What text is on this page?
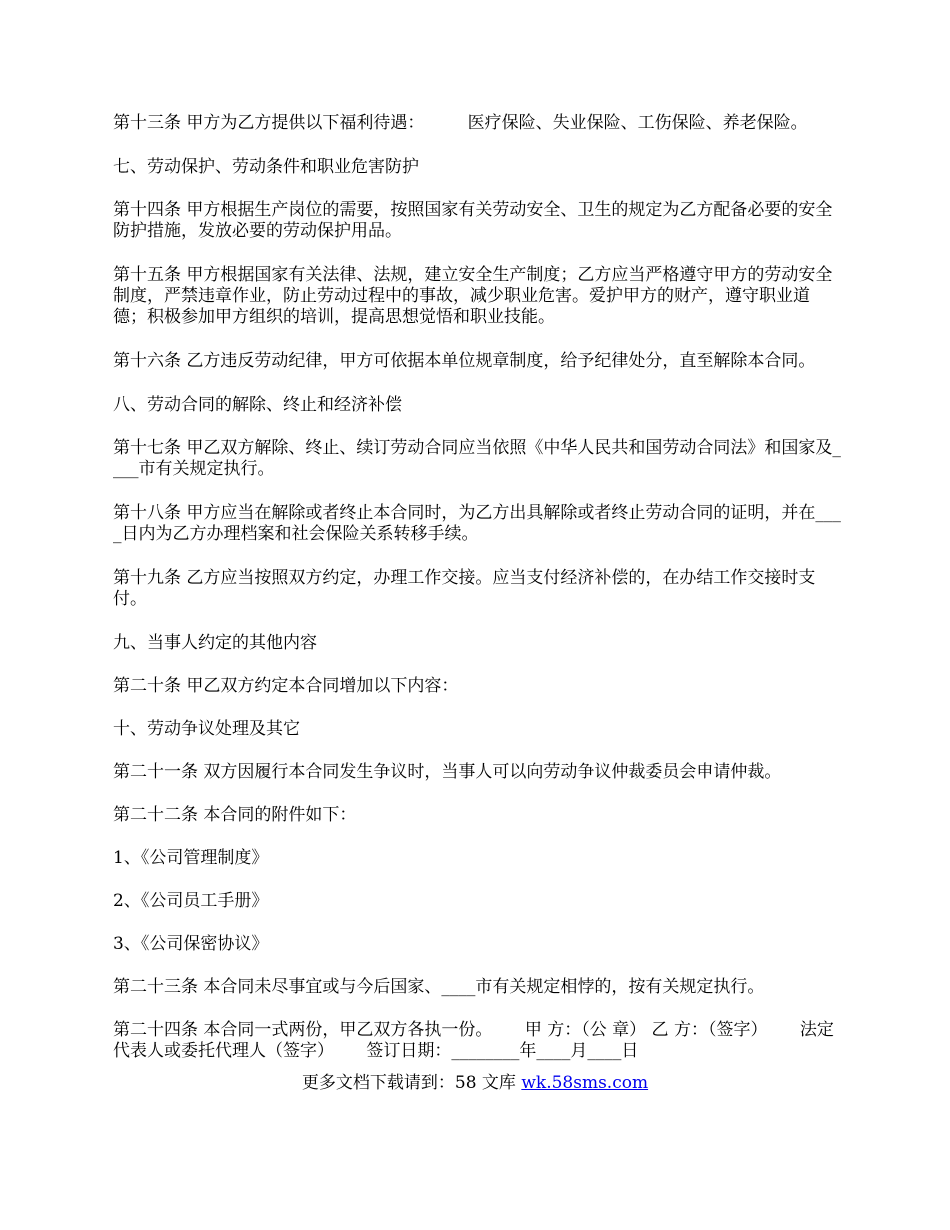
第十三条 甲方为乙方提供以下福利待遇：        医疗保险、失业保险、工伤保险、养老保险。

七、劳动保护、劳动条件和职业危害防护

第十四条 甲方根据生产岗位的需要，按照国家有关劳动安全、卫生的规定为乙方配备必要的安全防护措施，发放必要的劳动保护用品。

第十五条 甲方根据国家有关法律、法规，建立安全生产制度；乙方应当严格遵守甲方的劳动安全制度，严禁违章作业，防止劳动过程中的事故，减少职业危害。爱护甲方的财产，遵守职业道德；积极参加甲方组织的培训，提高思想觉悟和职业技能。

第十六条 乙方违反劳动纪律，甲方可依据本单位规章制度，给予纪律处分，直至解除本合同。

八、劳动合同的解除、终止和经济补偿

第十七条 甲乙双方解除、终止、续订劳动合同应当依照《中华人民共和国劳动合同法》和国家及____市有关规定执行。

第十八条 甲方应当在解除或者终止本合同时，为乙方出具解除或者终止劳动合同的证明，并在____日内为乙方办理档案和社会保险关系转移手续。

第十九条 乙方应当按照双方约定，办理工作交接。应当支付经济补偿的，在办结工作交接时支付。

九、当事人约定的其他内容

第二十条 甲乙双方约定本合同增加以下内容：

十、劳动争议处理及其它

第二十一条 双方因履行本合同发生争议时，当事人可以向劳动争议仲裁委员会申请仲裁。

第二十二条 本合同的附件如下：

1、《公司管理制度》

2、《公司员工手册》

3、《公司保密协议》

第二十三条 本合同未尽事宜或与今后国家、____市有关规定相悖的，按有关规定执行。

第二十四条 本合同一式两份，甲乙双方各执一份。      甲 方：（公 章） 乙 方：（签字）      法定代表人或委托代理人（签字）      签订日期：________年____月____日

更多文档下载请到：58 文库 wk.58sms.com
